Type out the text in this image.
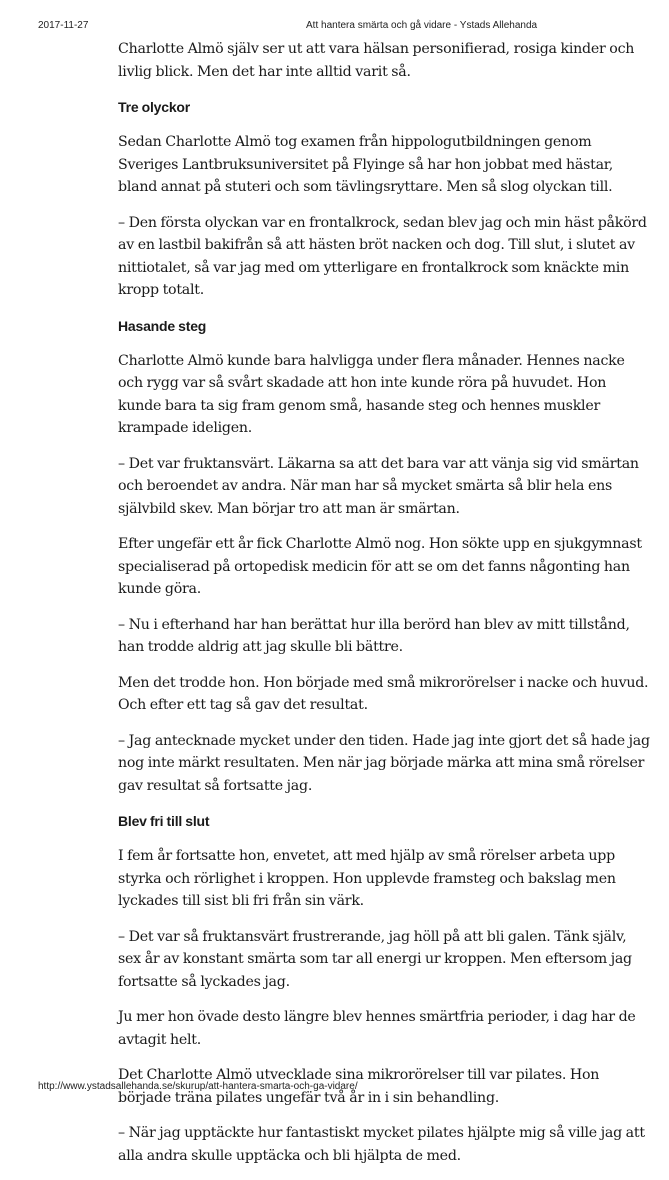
2017-11-27	Att hantera smärta och gå vidare - Ystads Allehanda

Charlotte Almö själv ser ut att vara hälsan personifierad, rosiga kinder och livlig blick. Men det har inte alltid varit så.

Tre olyckor

Sedan Charlotte Almö tog examen från hippologutbildningen genom Sveriges Lantbruksuniversitet på Flyinge så har hon jobbat med hästar, bland annat på stuteri och som tävlingsryttare. Men så slog olyckan till.

– Den första olyckan var en frontalkrock, sedan blev jag och min häst påkörd av en lastbil bakifrån så att hästen bröt nacken och dog. Till slut, i slutet av nittiotalet, så var jag med om ytterligare en frontalkrock som knäckte min kropp totalt.

Hasande steg

Charlotte Almö kunde bara halvligga under flera månader. Hennes nacke och rygg var så svårt skadade att hon inte kunde röra på huvudet. Hon kunde bara ta sig fram genom små, hasande steg och hennes muskler krampade ideligen.

– Det var fruktansvärt. Läkarna sa att det bara var att vänja sig vid smärtan och beroendet av andra. När man har så mycket smärta så blir hela ens självbild skev. Man börjar tro att man är smärtan.

Efter ungefär ett år fick Charlotte Almö nog. Hon sökte upp en sjukgymnast specialiserad på ortopedisk medicin för att se om det fanns någonting han kunde göra.

– Nu i efterhand har han berättat hur illa berörd han blev av mitt tillstånd, han trodde aldrig att jag skulle bli bättre.

Men det trodde hon. Hon började med små mikrorörelser i nacke och huvud. Och efter ett tag så gav det resultat.

– Jag antecknade mycket under den tiden. Hade jag inte gjort det så hade jag nog inte märkt resultaten. Men när jag började märka att mina små rörelser gav resultat så fortsatte jag.

Blev fri till slut

I fem år fortsatte hon, envetet, att med hjälp av små rörelser arbeta upp styrka och rörlighet i kroppen. Hon upplevde framsteg och bakslag men lyckades till sist bli fri från sin värk.

– Det var så fruktansvärt frustrerande, jag höll på att bli galen. Tänk själv, sex år av konstant smärta som tar all energi ur kroppen. Men eftersom jag fortsatte så lyckades jag.

Ju mer hon övade desto längre blev hennes smärtfria perioder, i dag har de avtagit helt.

Det Charlotte Almö utvecklade sina mikrorörelser till var pilates. Hon började träna pilates ungefär två år in i sin behandling.

– När jag upptäckte hur fantastiskt mycket pilates hjälpte mig så ville jag att alla andra skulle upptäcka och bli hjälpta de med.

http://www.ystadsallehanda.se/skurup/att-hantera-smarta-och-ga-vidare/
